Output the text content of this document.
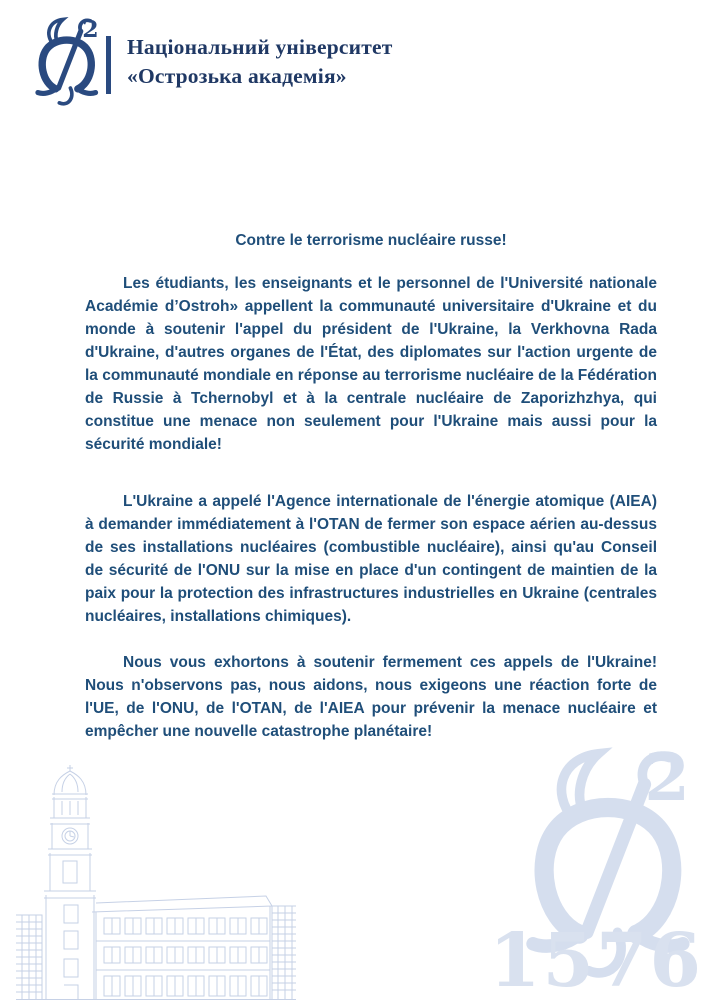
2
Національний університет
«Острозька академія»
Contre le terrorisme nucléaire russe!

Les étudiants, les enseignants et le personnel de l'Université nationale Académie d’Ostroh» appellent la communauté universitaire d'Ukraine et du monde à soutenir l'appel du président de l'Ukraine, la Verkhovna Rada d'Ukraine, d'autres organes de l'État, des diplomates sur l'action urgente de la communauté mondiale en réponse au terrorisme nucléaire de la Fédération de Russie à Tchernobyl et à la centrale nucléaire de Zaporizhzhya, qui constitue une menace non seulement pour l'Ukraine mais aussi pour la sécurité mondiale!

L'Ukraine a appelé l'Agence internationale de l'énergie atomique (AIEA) à demander immédiatement à l'OTAN de fermer son espace aérien au-dessus de ses installations nucléaires (combustible nucléaire), ainsi qu'au Conseil de sécurité de l'ONU sur la mise en place d'un contingent de maintien de la paix pour la protection des infrastructures industrielles en Ukraine (centrales nucléaires, installations chimiques).

Nous vous exhortons à soutenir fermement ces appels de l'Ukraine! Nous n'observons pas, nous aidons, nous exigeons une réaction forte de l'UE, de l'ONU, de l'OTAN, de l'AIEA pour prévenir la menace nucléaire et empêcher une nouvelle catastrophe planétaire!

2
1576
